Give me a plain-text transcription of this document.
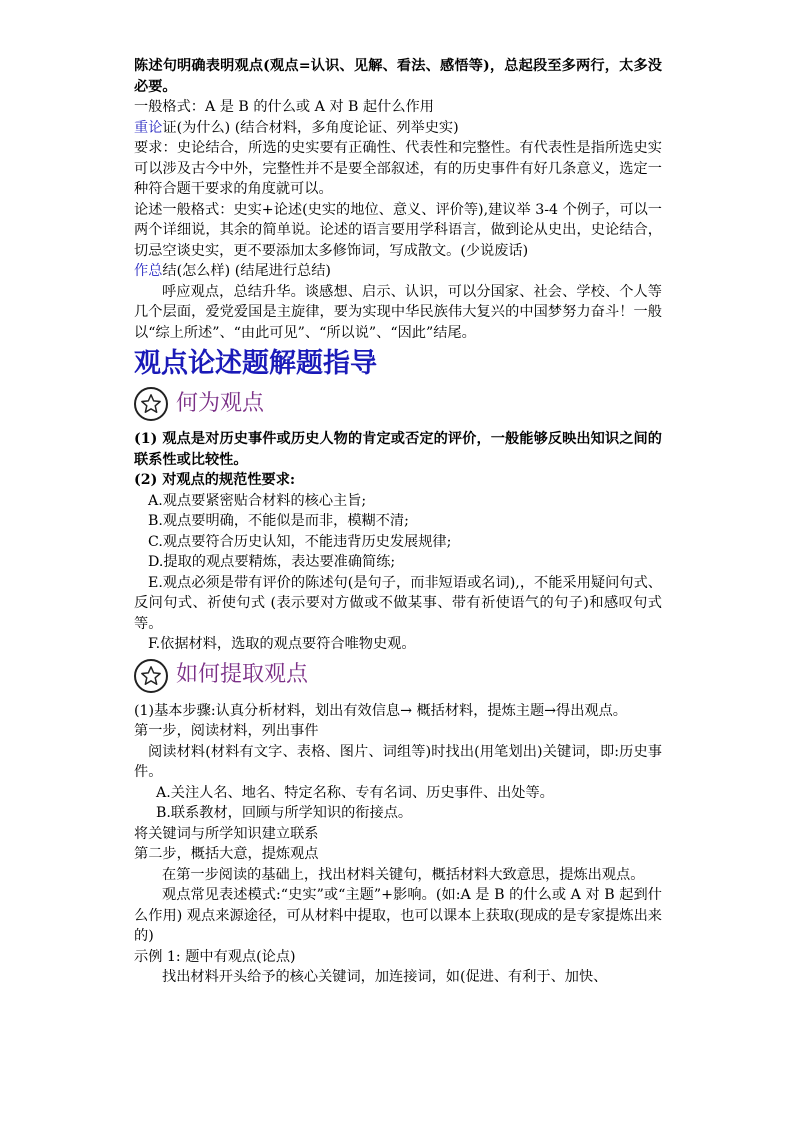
陈述句明确表明观点(观点=认识、见解、看法、感悟等)，总起段至多两行，太多没必要。

一般格式：A 是 B 的什么或 A 对 B 起什么作用

重论证(为什么) (结合材料，多角度论证、列举史实)

要求：史论结合，所选的史实要有正确性、代表性和完整性。有代表性是指所选史实可以涉及古今中外，完整性并不是要全部叙述，有的历史事件有好几条意义，选定一种符合题干要求的角度就可以。

论述一般格式：史实+论述(史实的地位、意义、评价等),建议举 3-4 个例子，可以一两个详细说，其余的简单说。论述的语言要用学科语言，做到论从史出，史论结合，切忌空谈史实，更不要添加太多修饰词，写成散文。(少说废话)

作总结(怎么样) (结尾进行总结)

呼应观点，总结升华。谈感想、启示、认识，可以分国家、社会、学校、个人等几个层面，爱党爱国是主旋律，要为实现中华民族伟大复兴的中国梦努力奋斗！一般以“综上所述”、“由此可见”、“所以说”、“因此”结尾。

观点论述题解题指导
何为观点

(1) 观点是对历史事件或历史人物的肯定或否定的评价，一般能够反映出知识之间的联系性或比较性。

(2) 对观点的规范性要求:

A.观点要紧密贴合材料的核心主旨;

B.观点要明确，不能似是而非，模糊不清;

C.观点要符合历史认知，不能违背历史发展规律;

D.提取的观点要精炼，表达要准确简练;

E.观点必须是带有评价的陈述句(是句子，而非短语或名词),，不能采用疑问句式、反问句式、祈使句式 (表示要对方做或不做某事、带有祈使语气的句子)和感叹句式等。

F.依据材料，选取的观点要符合唯物史观。

如何提取观点

(1)基本步骤:认真分析材料，划出有效信息→ 概括材料，提炼主题→得出观点。

第一步，阅读材料，列出事件

阅读材料(材料有文字、表格、图片、词组等)时找出(用笔划出)关键词，即:历史事件。

A.关注人名、地名、特定名称、专有名词、历史事件、出处等。

B.联系教材，回顾与所学知识的衔接点。

将关键词与所学知识建立联系

第二步，概括大意，提炼观点

在第一步阅读的基础上，找出材料关键句，概括材料大致意思，提炼出观点。

观点常见表述模式:“史实”或“主题”+影响。(如:A 是 B 的什么或 A 对 B 起到什么作用) 观点来源途径，可从材料中提取，也可以课本上获取(现成的是专家提炼出来的)

示例 1: 题中有观点(论点)

找出材料开头给予的核心关键词，加连接词，如(促进、有利于、加快、
